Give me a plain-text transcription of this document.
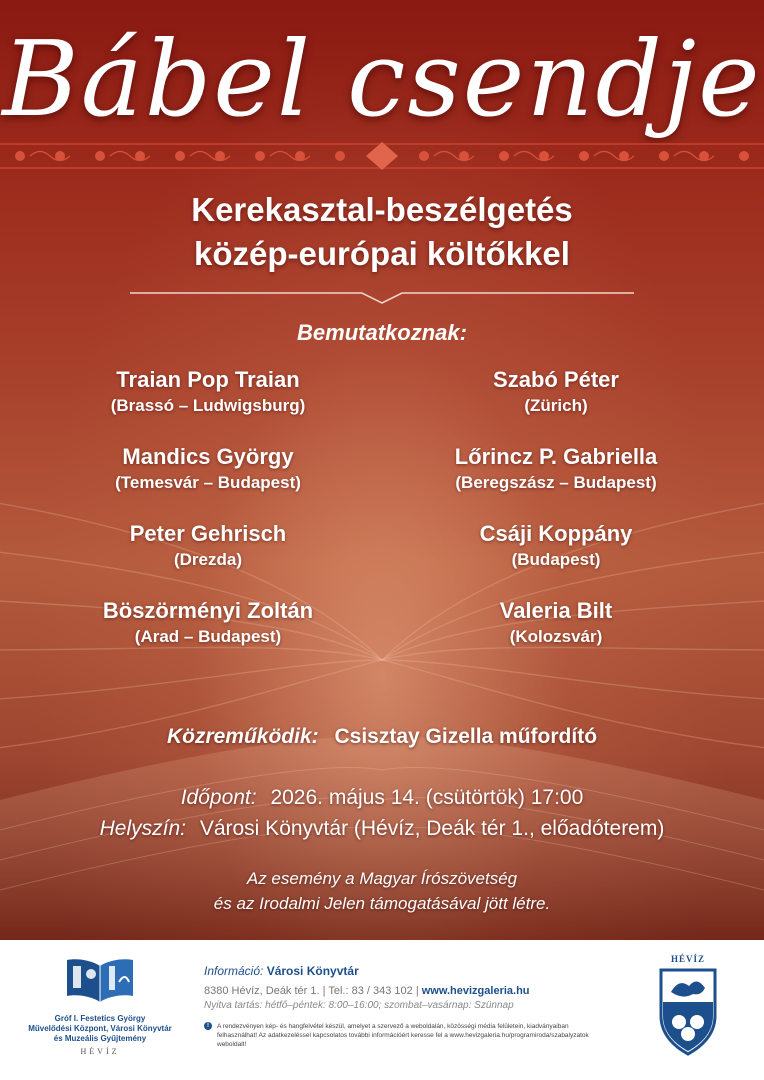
Bábel csendje
Kerekasztal-beszélgetés
közép-európai költőkkel
Bemutatkoznak:
Traian Pop Traian
(Brassó – Ludwigsburg)
Mandics György
(Temesvár – Budapest)
Peter Gehrisch
(Drezda)
Böszörményi Zoltán
(Arad – Budapest)
Szabó Péter
(Zürich)
Lőrincz P. Gabriella
(Beregszász – Budapest)
Csáji Koppány
(Budapest)
Valeria Bilt
(Kolozsvár)
Közreműködik: Csisztay Gizella műfordító
Időpont: 2026. május 14. (csütörtök) 17:00
Helyszín: Városi Könyvtár (Hévíz, Deák tér 1., előadóterem)
Az esemény a Magyar Írószövetség
és az Irodalmi Jelen támogatásával jött létre.
Gróf I. Festetics György
Művelődési Központ, Városi Könyvtár
és Muzeális Gyűjtemény
HÉVÍZ
Információ: Városi Könyvtár
8380 Hévíz, Deák tér 1. | Tel.: 83 / 343 102 | www.hevizgaleria.hu
Nyitva tartás: hétfő–péntek: 8:00–16:00; szombat–vasárnap: Szünnap
!	A rendezvényen kép- és hangfelvétel készül, amelyet a szervező a weboldalán, közösségi média felületein, kiadványaiban felhasználhat! Az adatkezeléssel kapcsolatos további információért keresse fel a www.hevizgaleria.hu/programiroda/szabalyzatok weboldalt!
HÉVÍZ
